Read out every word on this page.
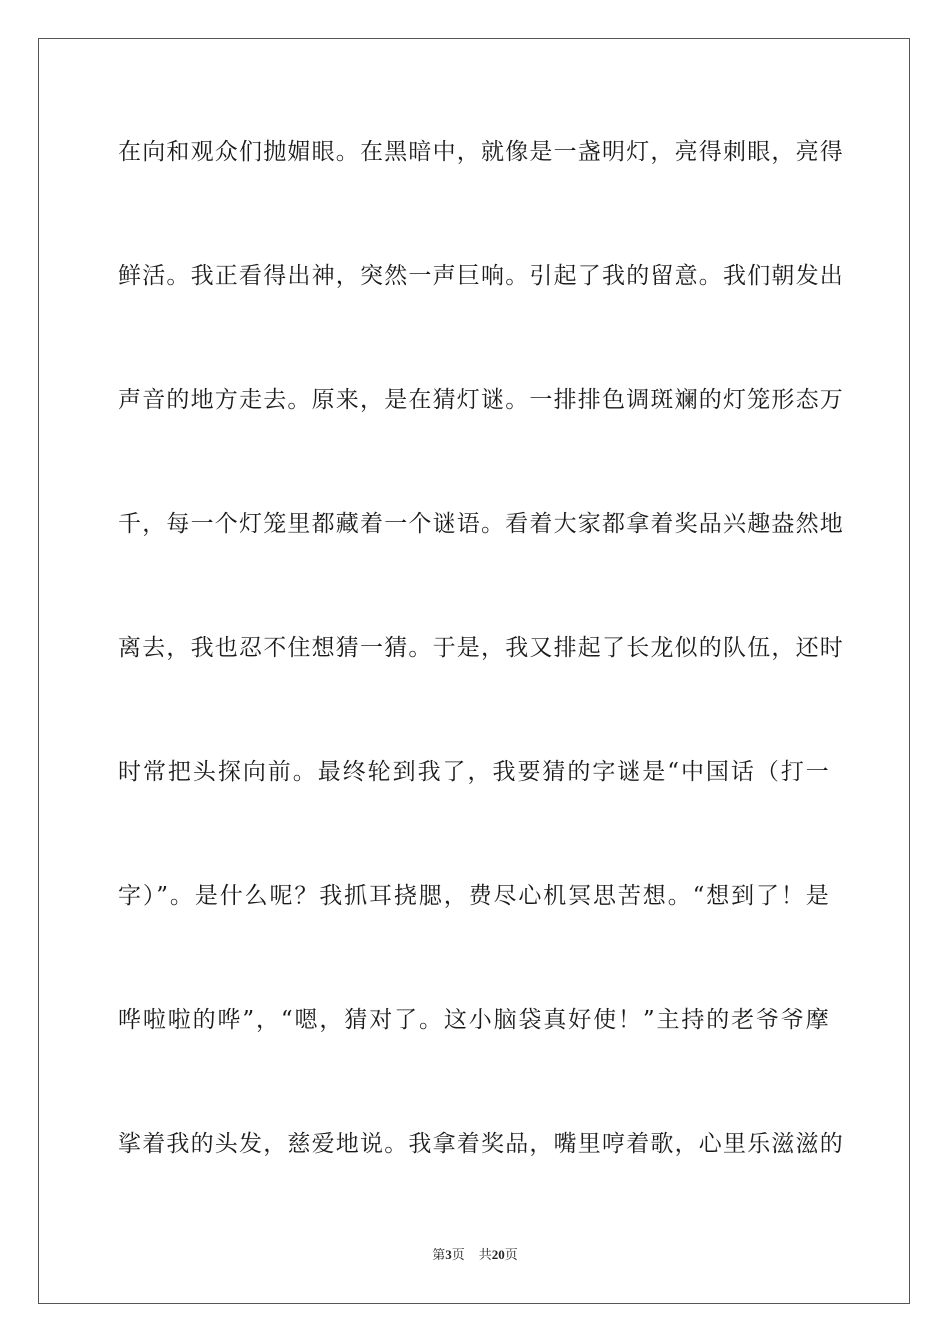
在向和观众们抛媚眼。在黑暗中，就像是一盏明灯，亮得刺眼，亮得
鲜活。我正看得出神，突然一声巨响。引起了我的留意。我们朝发出
声音的地方走去。原来，是在猜灯谜。一排排色调斑斓的灯笼形态万
千，每一个灯笼里都藏着一个谜语。看着大家都拿着奖品兴趣盎然地
离去，我也忍不住想猜一猜。于是，我又排起了长龙似的队伍，还时
时常把头探向前。最终轮到我了，我要猜的字谜是“中国话（打一
字）”。是什么呢？我抓耳挠腮，费尽心机冥思苦想。“想到了！是
哗啦啦的哗”，“嗯，猜对了。这小脑袋真好使！”主持的老爷爷摩
挲着我的头发，慈爱地说。我拿着奖品，嘴里哼着歌，心里乐滋滋的
第3页 共20页
